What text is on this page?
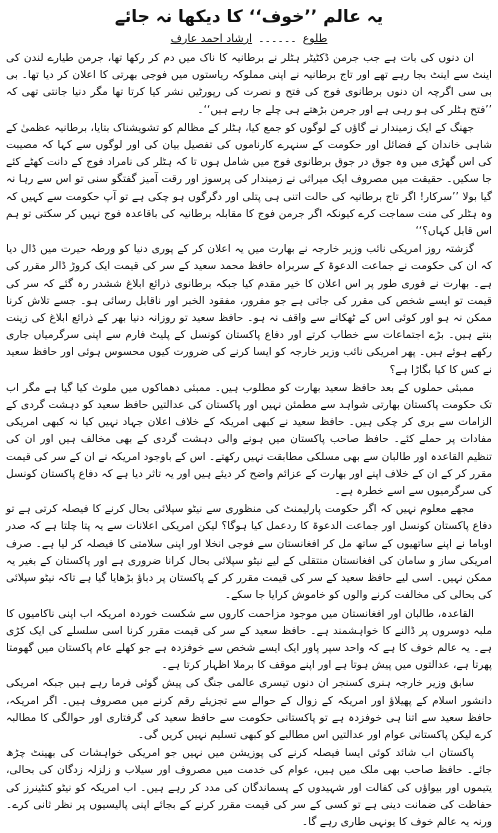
یہ عالم ’’خوف‘‘ کا دیکھا نہ جائے
طلوع
۔۔۔۔۔۔
ارشاد احمد عارف

ان دنوں کی بات ہے جب جرمن ڈکٹیٹر ہٹلر نے برطانیہ کا ناک میں دم کر رکھا تھا، جرمن طیارے لندن کی اینٹ سے اینٹ بجا رہے تھے اور تاج برطانیہ نے اپنی مملوکہ ریاستوں میں فوجی بھرتی کا اعلان کر دیا تھا۔ بی بی سی اگرچہ ان دنوں برطانوی فوج کی فتح و نصرت کی رپورٹیں نشر کیا کرتا تھا مگر دنیا جانتی تھی کہ ’’فتح ہٹلر کی ہو رہی ہے اور جرمن بڑھتے ہی چلے جا رہے ہیں‘‘۔

جھنگ کے ایک زمیندار نے گاؤں کے لوگوں کو جمع کیا، ہٹلر کے مظالم کو تشویشناک بتایا، برطانیہ عظمیٰ کے شاہی خاندان کے فضائل اور حکومت کے سنہرے کارناموں کی تفصیل بیان کی اور لوگوں سے کہا کہ مصیبت کی اس گھڑی میں وہ جوق در جوق برطانوی فوج میں شامل ہوں تا کہ ہٹلر کی نامراد فوج کے دانت کھٹے کئے جا سکیں۔ حقیقت میں مصروف ایک میراثی نے زمیندار کی پرسوز اور رقت آمیز گفتگو سنی تو اس سے رہا نہ گیا بولا ’’سرکار! اگر تاج برطانیہ کی حالت اتنی ہی پتلی اور دگرگوں ہو چکی ہے تو آپ حکومت سے کہیں کہ وہ ہٹلر کی منت سماجت کرے کیونکہ اگر جرمن فوج کا مقابلہ برطانیہ کی باقاعدہ فوج نہیں کر سکتی تو ہم اس قابل کہاں؟‘‘

گزشتہ روز امریکی نائب وزیر خارجہ نے بھارت میں یہ اعلان کر کے پوری دنیا کو ورطہ حیرت میں ڈال دیا کہ ان کی حکومت نے جماعت الدعوۃ کے سربراہ حافظ محمد سعید کے سر کی قیمت ایک کروڑ ڈالر مقرر کی ہے۔ بھارت نے فوری طور پر اس اعلان کا خیر مقدم کیا جبکہ برطانوی ذرائع ابلاغ ششدر رہ گئے کہ سر کی قیمت تو ایسے شخص کی مقرر کی جاتی ہے جو مفرور، مفقود الخبر اور ناقابل رسائی ہو۔ جسے تلاش کرنا ممکن نہ ہو اور کوئی اس کے ٹھکانے سے واقف نہ ہو۔ حافظ سعید تو روزانہ دنیا بھر کے ذرائع ابلاغ کی زینت بنتے ہیں۔ بڑے اجتماعات سے خطاب کرتے اور دفاع پاکستان کونسل کے پلیٹ فارم سے اپنی سرگرمیاں جاری رکھے ہوئے ہیں۔ پھر امریکی نائب وزیر خارجہ کو ایسا کرنے کی ضرورت کیوں محسوس ہوئی اور حافظ سعید نے کس کا کیا بگاڑا ہے؟

ممبئی حملوں کے بعد حافظ سعید بھارت کو مطلوب ہیں۔ ممبئی دھماکوں میں ملوث کیا گیا ہے مگر اب تک حکومت پاکستان بھارتی شواہد سے مطمئن نہیں اور پاکستان کی عدالتیں حافظ سعید کو دہشت گردی کے الزامات سے بری کر چکی ہیں۔ حافظ سعید نے کبھی امریکہ کے خلاف اعلان جہاد نہیں کیا نہ کبھی امریکی مفادات پر حملے کئے۔ حافظ صاحب پاکستان میں ہونے والی دہشت گردی کے بھی مخالف ہیں اور ان کی تنظیم القاعدہ اور طالبان سے بھی مسلکی مطابقت نہیں رکھتے۔ اس کے باوجود امریکہ نے ان کے سر کی قیمت مقرر کر کے ان کے خلاف اپنے اور بھارت کے عزائم واضح کر دیئے ہیں اور یہ تاثر دیا ہے کہ دفاع پاکستان کونسل کی سرگرمیوں سے اسے خطرہ ہے۔

مجھے معلوم نہیں کہ اگر حکومت پارلیمنٹ کی منظوری سے نیٹو سپلائی بحال کرنے کا فیصلہ کرتی ہے تو دفاع پاکستان کونسل اور جماعت الدعوۃ کا ردعمل کیا ہوگا؟ لیکن امریکی اعلانات سے یہ پتا چلتا ہے کہ صدر اوباما نے اپنے ساتھیوں کے ساتھ مل کر افغانستان سے فوجی انخلا اور اپنی سلامتی کا فیصلہ کر لیا ہے۔ صرف امریکی ساز و سامان کی افغانستان منتقلی کے لیے نیٹو سپلائی بحال کرانا ضروری ہے اور پاکستان کے بغیر یہ ممکن نہیں۔ اسی لیے حافظ سعید کے سر کی قیمت مقرر کر کے پاکستان پر دباؤ بڑھایا گیا ہے تاکہ نیٹو سپلائی کی بحالی کی مخالفت کرنے والوں کو خاموش کرایا جا سکے۔

القاعدہ، طالبان اور افغانستان میں موجود مزاحمت کاروں سے شکست خوردہ امریکہ اب اپنی ناکامیوں کا ملبہ دوسروں پر ڈالنے کا خواہشمند ہے۔ حافظ سعید کے سر کی قیمت مقرر کرنا اسی سلسلے کی ایک کڑی ہے۔ یہ عالم خوف کا ہے کہ واحد سپر پاور ایک ایسے شخص سے خوفزدہ ہے جو کھلے عام پاکستان میں گھومتا پھرتا ہے، عدالتوں میں پیش ہوتا ہے اور اپنے موقف کا برملا اظہار کرتا ہے۔

سابق وزیر خارجہ ہنری کسنجر ان دنوں تیسری عالمی جنگ کی پیش گوئی فرما رہے ہیں جبکہ امریکی دانشور اسلام کے پھیلاؤ اور امریکہ کے زوال کے حوالے سے تجزیئے رقم کرنے میں مصروف ہیں۔ اگر امریکہ، حافظ سعید سے اتنا ہی خوفزدہ ہے تو پاکستانی حکومت سے حافظ سعید کی گرفتاری اور حوالگی کا مطالبہ کرے لیکن پاکستانی عوام اور عدالتیں اس مطالبے کو کبھی تسلیم نہیں کریں گی۔

پاکستان اب شائد کوئی ایسا فیصلہ کرنے کی پوزیشن میں نہیں جو امریکی خواہشات کی بھینٹ چڑھ جائے۔ حافظ صاحب بھی ملک میں ہیں، عوام کی خدمت میں مصروف اور سیلاب و زلزلہ زدگان کی بحالی، یتیموں اور بیواؤں کی کفالت اور شہیدوں کے پسماندگان کی مدد کر رہے ہیں۔ اب امریکہ کو نیٹو کنٹینرز کی حفاظت کی ضمانت دینی ہے تو کسی کے سر کی قیمت مقرر کرنے کے بجائے اپنی پالیسیوں پر نظر ثانی کرے۔ ورنہ یہ عالم خوف کا یونہی طاری رہے گا۔
